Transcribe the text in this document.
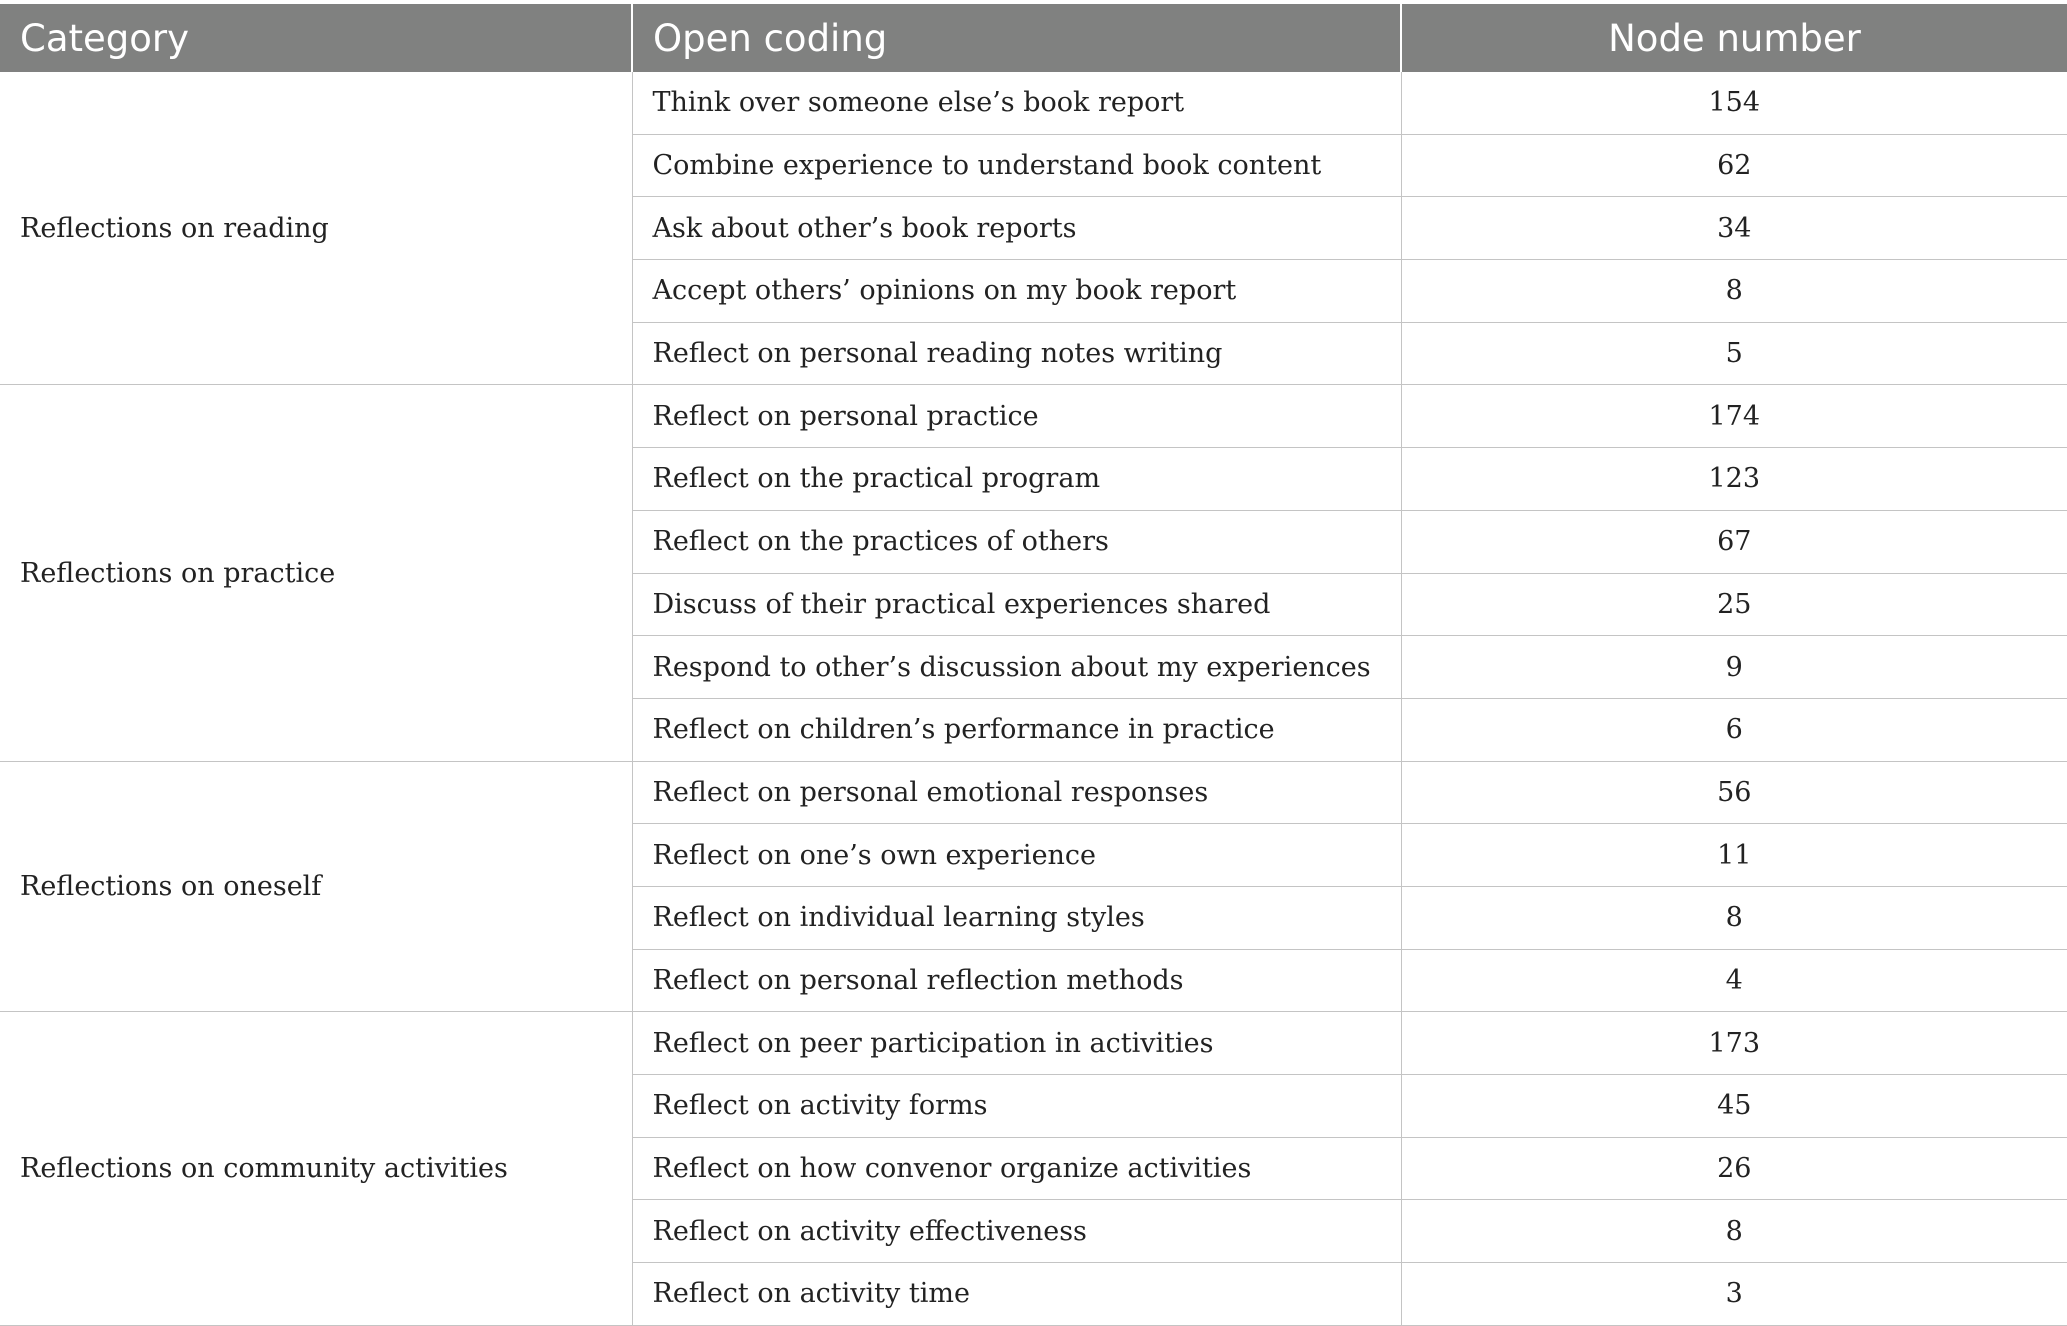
Category	Open coding	Node number
Reflections on reading	Think over someone else’s book report	154
	Combine experience to understand book content	62
	Ask about other’s book reports	34
	Accept others’ opinions on my book report	8
	Reflect on personal reading notes writing	5
Reflections on practice	Reflect on personal practice	174
	Reflect on the practical program	123
	Reflect on the practices of others	67
	Discuss of their practical experiences shared	25
	Respond to other’s discussion about my experiences	9
	Reflect on children’s performance in practice	6
Reflections on oneself	Reflect on personal emotional responses	56
	Reflect on one’s own experience	11
	Reflect on individual learning styles	8
	Reflect on personal reflection methods	4
Reflections on community activities	Reflect on peer participation in activities	173
	Reflect on activity forms	45
	Reflect on how convenor organize activities	26
	Reflect on activity effectiveness	8
	Reflect on activity time	3
